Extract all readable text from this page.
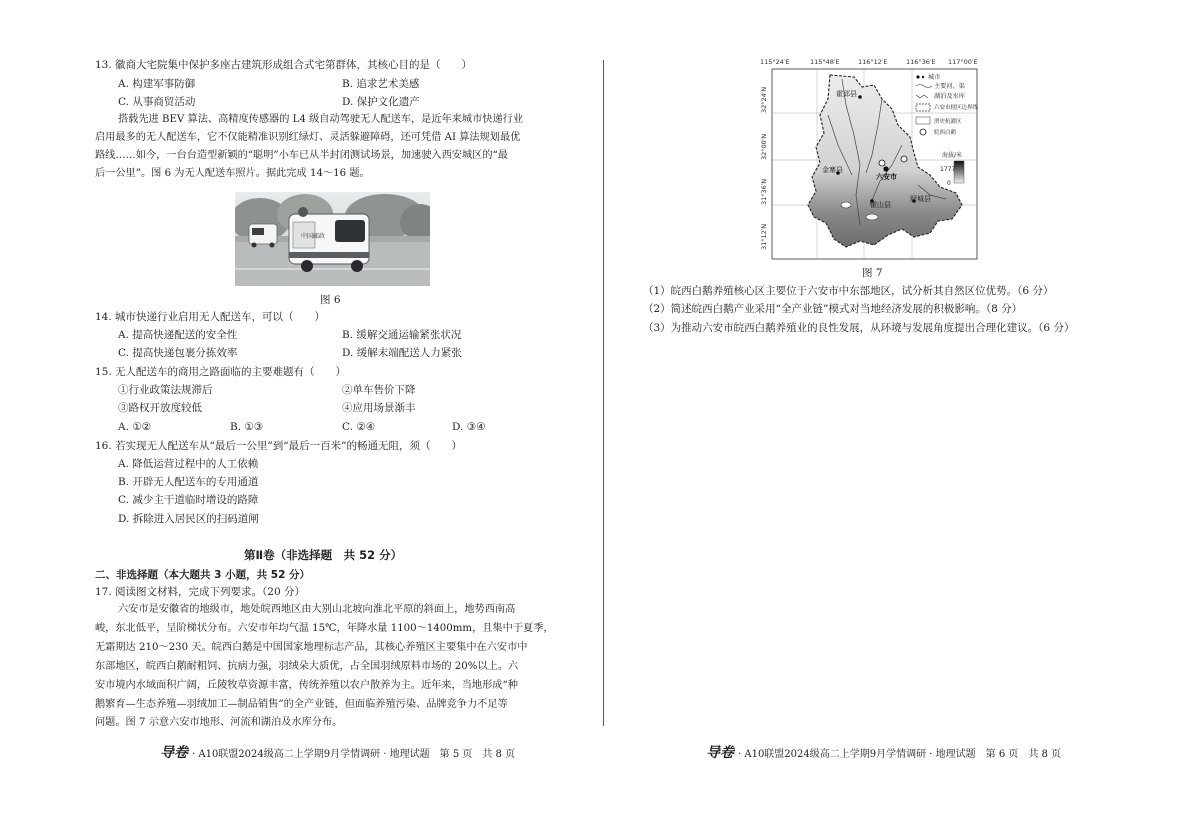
13. 徽商大宅院集中保护多座古建筑形成组合式宅第群体，其核心目的是（　　）
A. 构建军事防御	B. 追求艺术美感
C. 从事商贸活动	D. 保护文化遗产
搭载先进 BEV 算法、高精度传感器的 L4 级自动驾驶无人配送车，是近年来城市快递行业
启用最多的无人配送车，它不仅能精准识别红绿灯、灵活躲避障碍，还可凭借 AI 算法规划最优
路线……如今，一台台造型新颖的“聪明”小车已从半封闭测试场景，加速驶入西安城区的“最
后一公里”。图 6 为无人配送车照片。据此完成 14～16 题。
中国邮政
图 6
14. 城市快递行业启用无人配送车，可以（　　）
A. 提高快递配送的安全性	B. 缓解交通运输紧张状况
C. 提高快递包裹分拣效率	D. 缓解末端配送人力紧张
15. 无人配送车的商用之路面临的主要难题有（　　）
①行业政策法规滞后	②单车售价下降
③路权开放度较低	④应用场景渐丰
A. ①②	B. ①③	C. ②④	D. ③④
16. 若实现无人配送车从“最后一公里”到“最后一百米”的畅通无阻，须（　　）
A. 降低运营过程中的人工依赖
B. 开辟无人配送车的专用通道
C. 减少主干道临时增设的路障
D. 拆除进入居民区的扫码道闸
第Ⅱ卷（非选择题　共 52 分）
二、非选择题（本大题共 3 小题，共 52 分）
17. 阅读图文材料，完成下列要求。（20 分）
六安市是安徽省的地级市，地处皖西地区由大别山北坡向淮北平原的斜面上，地势西南高
峻，东北低平，呈阶梯状分布。六安市年均气温 15℃，年降水量 1100～1400mm，且集中于夏季，
无霜期达 210～230 天。皖西白鹅是中国国家地理标志产品，其核心养殖区主要集中在六安市中
东部地区，皖西白鹅耐粗饲、抗病力强，羽绒朵大质优，占全国羽绒原料市场的 20%以上。六
安市境内水域面积广阔，丘陵牧草资源丰富，传统养殖以农户散养为主。近年来，当地形成“种
鹅繁育—生态养殖—羽绒加工—制品销售”的全产业链，但面临养殖污染、品牌竞争力不足等
问题。图 7 示意六安市地形、河流和湖泊及水库分布。
导卷 · A10联盟2024级高二上学期9月学情调研 · 地理试题　第 5 页　共 8 页
115°24′E	115°48′E	116°12′E	116°36′E 117°00′E
32°24′N
32°00′N
31°36′N
31°12′N
霍邱县
金寨县
六安市
霍山县
舒城县
城市
主要河、渠
湖泊及水库
六安市辖区边界线
淠史杭灌区
皖西白鹅
海拔/米
1777
0
图 7
（1）皖西白鹅养殖核心区主要位于六安市中东部地区，试分析其自然区位优势。（6 分）
（2）简述皖西白鹅产业采用“全产业链”模式对当地经济发展的积极影响。（8 分）
（3）为推动六安市皖西白鹅养殖业的良性发展，从环境与发展角度提出合理化建议。（6 分）
导卷 · A10联盟2024级高二上学期9月学情调研 · 地理试题　第 6 页　共 8 页
